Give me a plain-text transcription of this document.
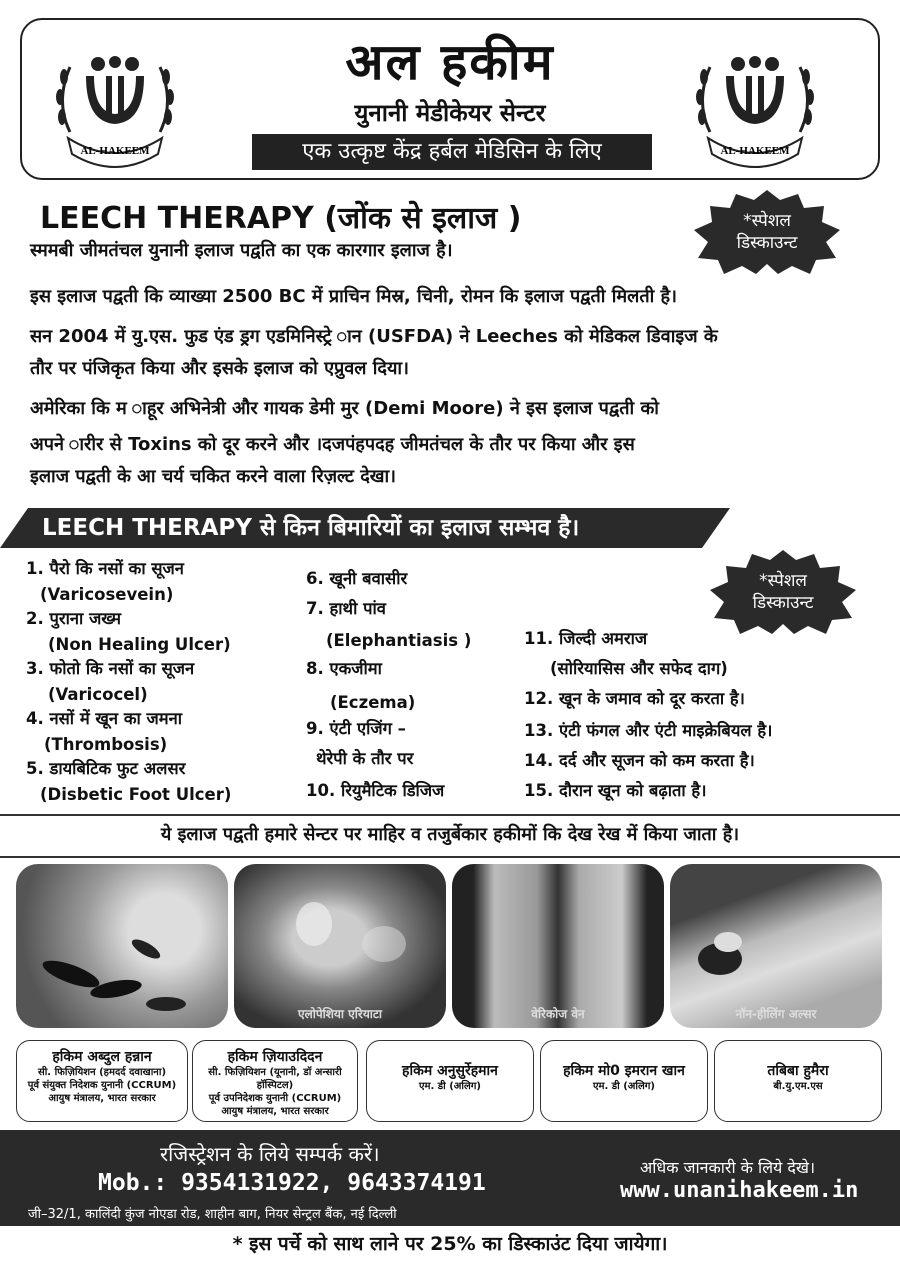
AL-HAKEEM	AL-HAKEEM
अल हकीम
युनानी मेडीकेयर सेन्टर
एक उत्कृष्ट केंद्र हर्बल मेडिसिन के लिए
LEECH THERAPY (जोंक से इलाज )	*स्पेशल
डिस्काउन्ट
स्ममबी जीमतंचल युनानी इलाज पद्वति का एक कारगार इलाज है।
इस इलाज पद्वती कि व्याख्या 2500 BC में प्राचिन मिस्र, चिनी, रोमन कि इलाज पद्वती मिलती है।
सन 2004 में यु.एस. फुड एंड ड्रग एडमिनिस्ट्रे ान (USFDA) ने Leeches को मेडिकल डिवाइज के
तौर पर पंजिकृत किया और इसके इलाज को एप्रुवल दिया।
अमेरिका कि म ाहूर अभिनेत्री और गायक डेमी मुर (Demi Moore) ने इस इलाज पद्वती को
अपने ारीर से Toxins को दूर करने और ।दजपंहपदह जीमतंचल के तौर पर किया और इस
इलाज पद्वती के आ चर्य चकित करने वाला रिज़ल्ट देखा।
LEECH THERAPY से किन बिमारियों का इलाज सम्भव है।
*स्पेशल
डिस्काउन्ट
1. पैरो कि नसों का सूजन
(Varicosevein)
2. पुराना जख्म
(Non Healing Ulcer)
3. फोतो कि नसों का सूजन
(Varicocel)
4. नसों में खून का जमना
(Thrombosis)
5. डायबिटिक फुट अलसर
(Disbetic Foot Ulcer)
6. खूनी बवासीर
7. हाथी पांव
(Elephantiasis )
8. एकजीमा
(Eczema)
9. एंटी एजिंग –
थेरेपी के तौर पर
10. रियुमैटिक डिजिज
11. जिल्दी अमराज
(सोरियासिस और सफेद दाग)
12. खून के जमाव को दूर करता है।
13. एंटी फंगल और एंटी माइक्रेबियल है।
14. दर्द और सूजन को कम करता है।
15. दौरान खून को बढ़ाता है।
ये इलाज पद्वती हमारे सेन्टर पर माहिर व तजुर्बेकार हकीमों कि देख रेख में किया जाता है।
एलोपेशिया एरियाटा	वेरिकोज वेन	नॉन-हीलिंग अल्सर
हकिम अब्दुल हन्नान
सी. फिज़ियिशन (हमदर्द दवाखाना)
पूर्व संयुक्त निदेशक युनानी (CCRUM)
आयुष मंत्रालय, भारत सरकार
हकिम ज़ियाउदिदन
सी. फिज़ियिशन (यूनानी, डॉ अन्सारी हॉस्पिटल)
पूर्व उपनिदेशक युनानी (CCRUM)
आयुष मंत्रालय, भारत सरकार
हकिम अनुसुर्रेहमान
एम. डी (अलिग)
हकिम मो0 इमरान खान
एम. डी (अलिग)
तबिबा हुमैरा
बी.यु.एम.एस
रजिस्ट्रेशन के लिये सम्पर्क करें।
Mob.: 9354131922, 9643374191
जी–32/1, कालिंदी कुंज नोएडा रोड, शाहीन बाग, नियर सेन्ट्रल बैंक, नई दिल्ली
अधिक जानकारी के लिये देखे।
www.unanihakeem.in
* इस पर्चे को साथ लाने पर 25% का डिस्काउंट दिया जायेगा।
